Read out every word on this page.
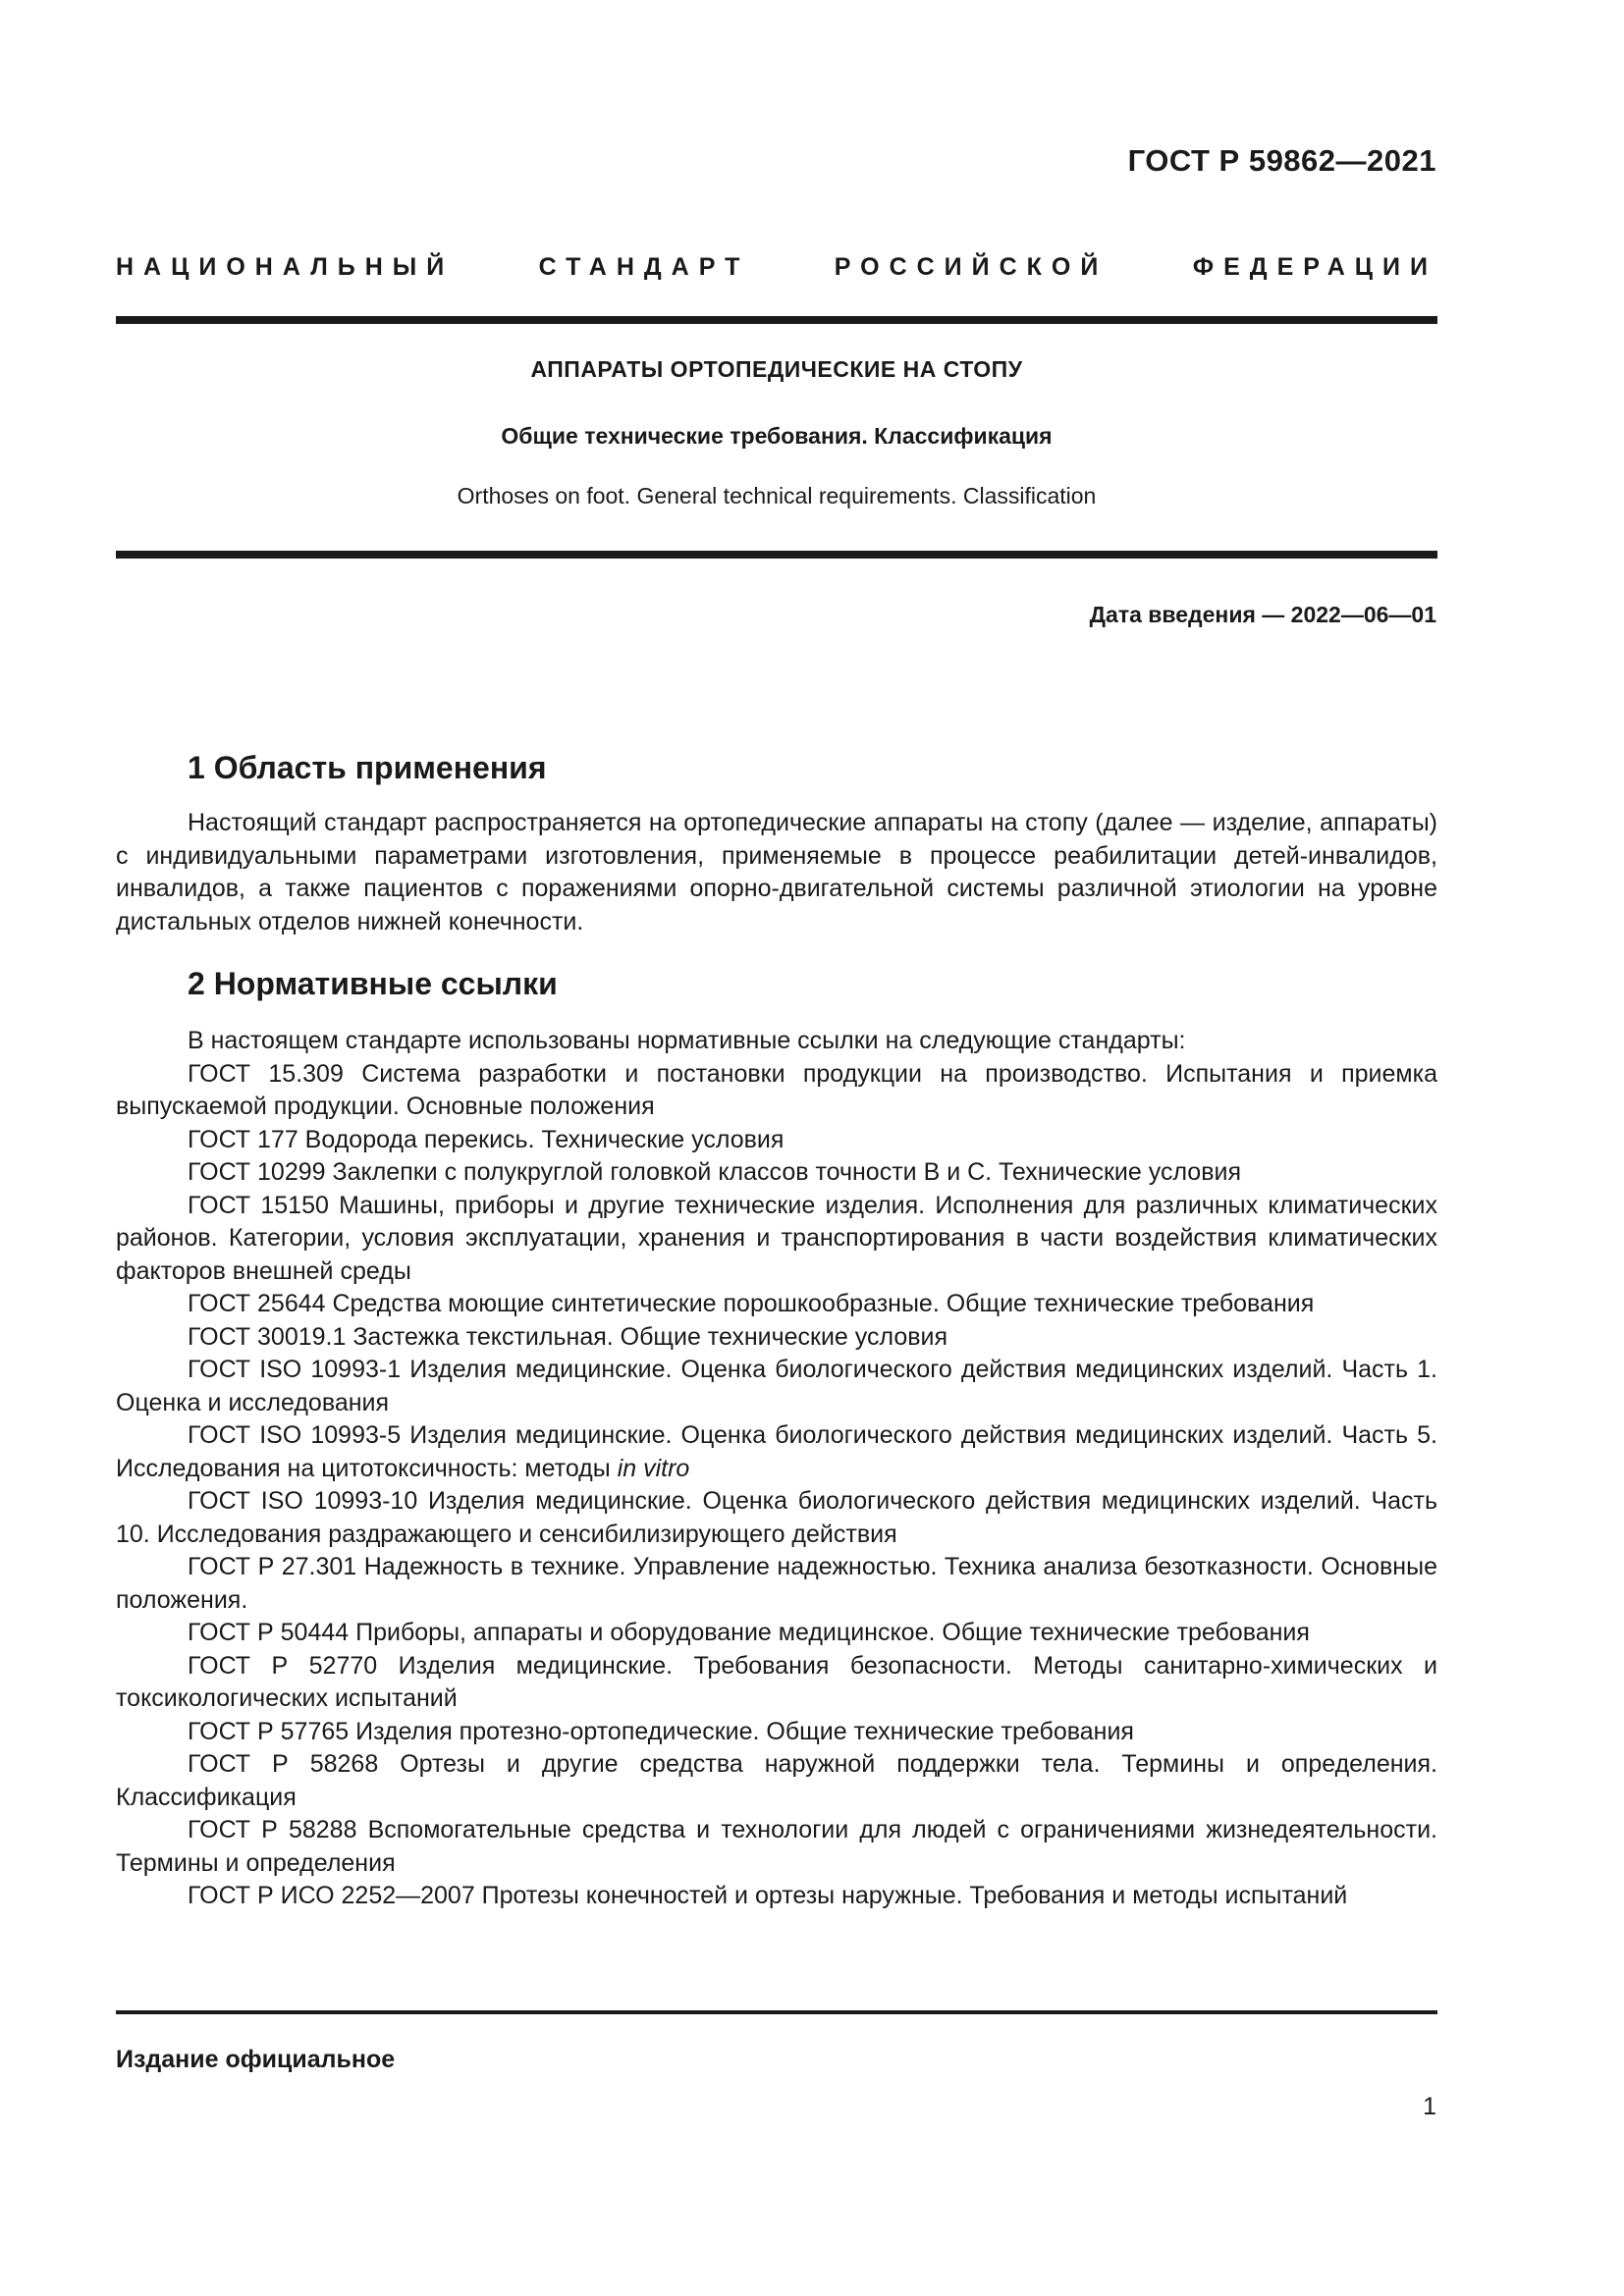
ГОСТ Р 59862—2021
НАЦИОНАЛЬНЫЙ СТАНДАРТ РОССИЙСКОЙ ФЕДЕРАЦИИ
АППАРАТЫ ОРТОПЕДИЧЕСКИЕ НА СТОПУ
Общие технические требования. Классификация
Orthoses on foot. General technical requirements. Classification
Дата введения — 2022—06—01
1 Область применения

Настоящий стандарт распространяется на ортопедические аппараты на стопу (далее — изделие, аппараты) с индивидуальными параметрами изготовления, применяемые в процессе реабилитации детей-инвалидов, инвалидов, а также пациентов с поражениями опорно-двигательной системы различной этиологии на уровне дистальных отделов нижней конечности.

2 Нормативные ссылки

В настоящем стандарте использованы нормативные ссылки на следующие стандарты:

ГОСТ 15.309 Система разработки и постановки продукции на производство. Испытания и приемка выпускаемой продукции. Основные положения

ГОСТ 177 Водорода перекись. Технические условия

ГОСТ 10299 Заклепки с полукруглой головкой классов точности В и С. Технические условия

ГОСТ 15150 Машины, приборы и другие технические изделия. Исполнения для различных климатических районов. Категории, условия эксплуатации, хранения и транспортирования в части воздействия климатических факторов внешней среды

ГОСТ 25644 Средства моющие синтетические порошкообразные. Общие технические требования

ГОСТ 30019.1 Застежка текстильная. Общие технические условия

ГОСТ ISO 10993-1 Изделия медицинские. Оценка биологического действия медицинских изделий. Часть 1. Оценка и исследования

ГОСТ ISO 10993-5 Изделия медицинские. Оценка биологического действия медицинских изделий. Часть 5. Исследования на цитотоксичность: методы in vitro

ГОСТ ISO 10993-10 Изделия медицинские. Оценка биологического действия медицинских изделий. Часть 10. Исследования раздражающего и сенсибилизирующего действия

ГОСТ Р 27.301 Надежность в технике. Управление надежностью. Техника анализа безотказности. Основные положения.

ГОСТ Р 50444 Приборы, аппараты и оборудование медицинское. Общие технические требования

ГОСТ Р 52770 Изделия медицинские. Требования безопасности. Методы санитарно-химических и токсикологических испытаний

ГОСТ Р 57765 Изделия протезно-ортопедические. Общие технические требования

ГОСТ Р 58268 Ортезы и другие средства наружной поддержки тела. Термины и определения. Классификация

ГОСТ Р 58288 Вспомогательные средства и технологии для людей с ограничениями жизнедеятельности. Термины и определения

ГОСТ Р ИСО 2252—2007 Протезы конечностей и ортезы наружные. Требования и методы испытаний

Издание официальное
1
